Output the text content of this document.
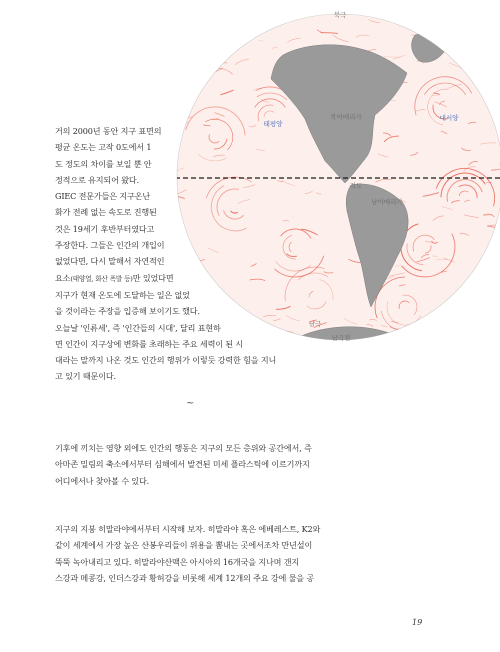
북극
북아메리카
남아메리카
적도
태평양
대서양
남극
남극점
거의 2000년 동안 지구 표면의
평균 온도는 고작 0도에서 1
도 정도의 차이를 보일 뿐 안
정적으로 유지되어 왔다.
GIEC 전문가들은 지구온난
화가 전례 없는 속도로 진행된
것은 19세기 후반부터였다고
주장한다. 그들은 인간의 개입이
없었다면, 다시 말해서 자연적인
요소(태양열, 화산 폭발 등)만 있었다면
지구가 현재 온도에 도달하는 일은 없었
을 것이라는 주장을 입증해 보이기도 했다.
오늘날 '인류세', 즉 '인간들의 시대', 달리 표현하
면 인간이 지구상에 변화를 초래하는 주요 세력이 된 시
대라는 말까지 나온 것도 인간의 행위가 이렇듯 강력한 힘을 지니
고 있기 때문이다.
~
기후에 끼치는 영향 외에도 인간의 행동은 지구의 모든 층위와 공간에서, 즉
아마존 밀림의 축소에서부터 심해에서 발견된 미세 플라스틱에 이르기까지
어디에서나 찾아볼 수 있다.
지구의 지붕 히말라야에서부터 시작해 보자. 히말라야 혹은 에베레스트, K2와
같이 세계에서 가장 높은 산봉우리들이 위용을 뽐내는 곳에서조차 만년설이
뚝뚝 녹아내리고 있다. 히말라야산맥은 아시아의 16개국을 지나며 갠지
스강과 메콩강, 인더스강과 황허강을 비롯해 세계 12개의 주요 강에 물을 공
19
